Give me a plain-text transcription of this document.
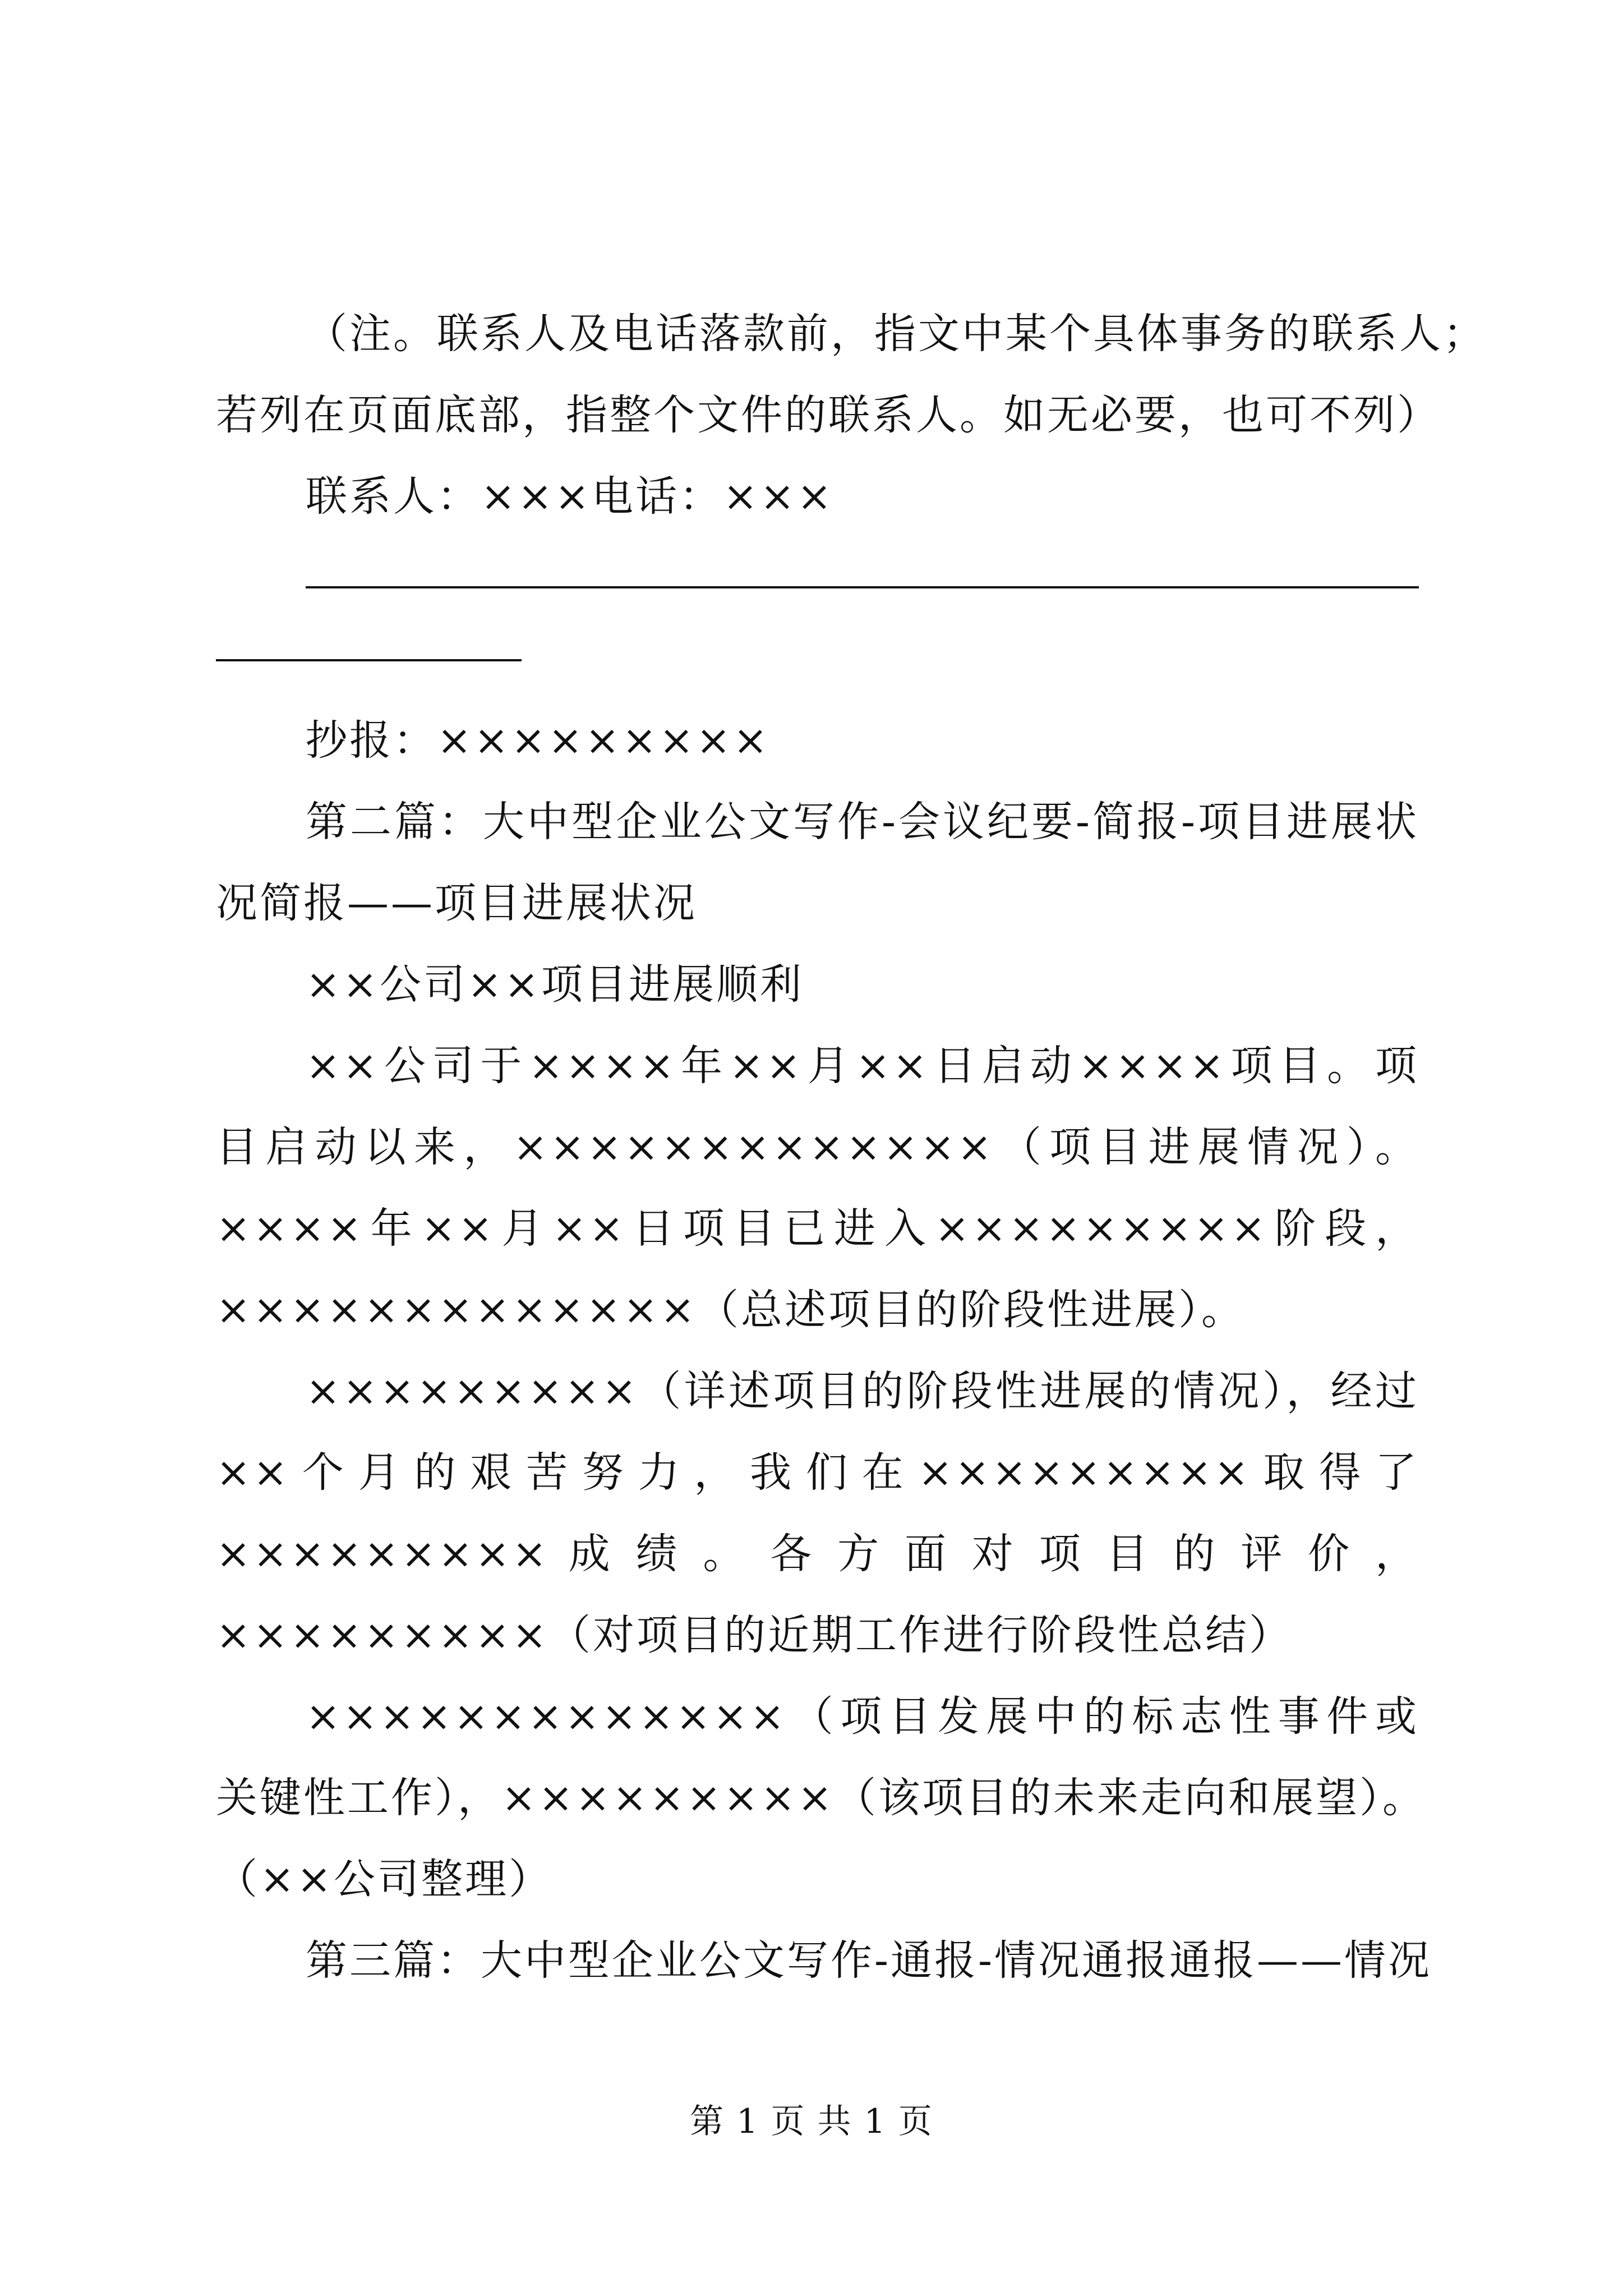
（注。联系人及电话落款前，指文中某个具体事务的联系人；
若列在页面底部，指整个文件的联系人。如无必要，也可不列）
联系人：×××电话：×××
抄报：×××××××××
第二篇：大中型企业公文写作-会议纪要-简报-项目进展状
况简报——项目进展状况
××公司××项目进展顺利
××公司于××××年××月××日启动××××项目。项
目启动以来，×××××××××××××（项目进展情况）。
××××年××月××日项目已进入×××××××××阶段，
×××××××××××××（总述项目的阶段性进展）。
×××××××××（详述项目的阶段性进展的情况），经过
××个月的艰苦努力，我们在×××××××××取得了
××××××××× 成 绩 。 各 方 面 对 项 目 的 评 价 ，
×××××××××（对项目的近期工作进行阶段性总结）
×××××××××××××（项目发展中的标志性事件或
关键性工作），×××××××××（该项目的未来走向和展望）。
（××公司整理）
第三篇：大中型企业公文写作-通报-情况通报通报——情况
第 1 页 共 1 页
